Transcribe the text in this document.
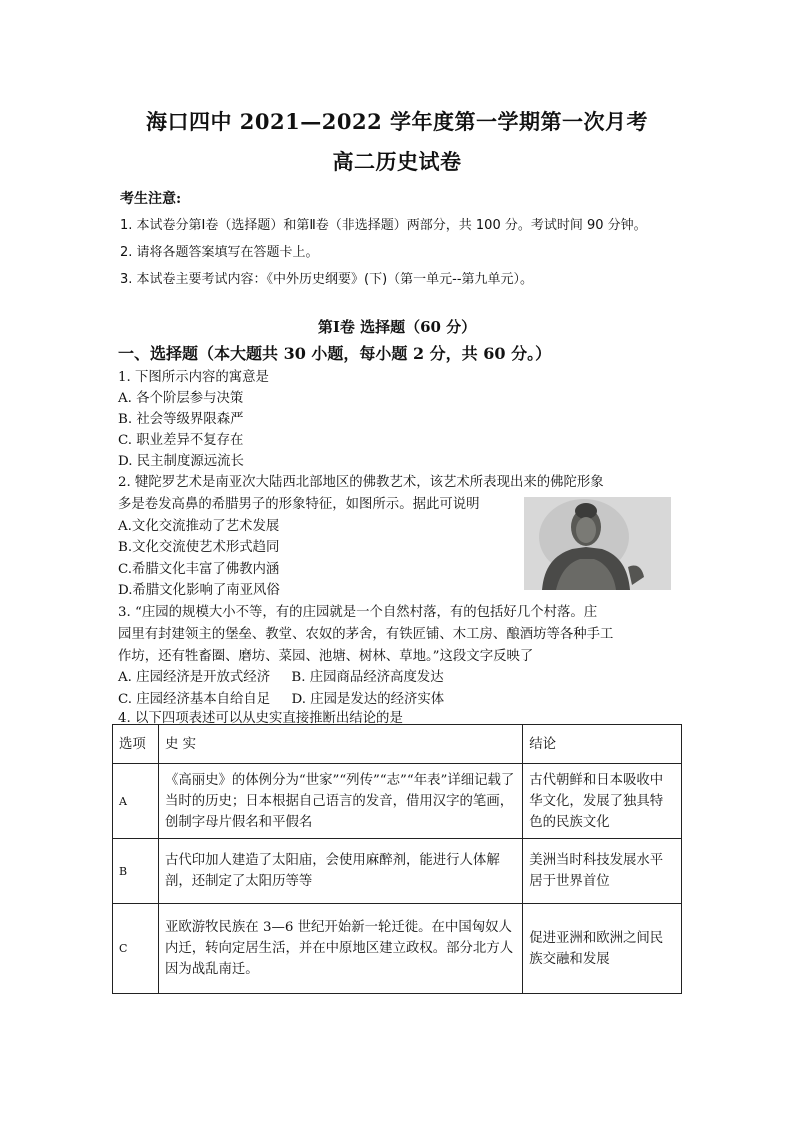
海口四中 2021—2022 学年度第一学期第一次月考
高二历史试卷
考生注意:
1. 本试卷分第Ⅰ卷（选择题）和第Ⅱ卷（非选择题）两部分，共 100 分。考试时间 90 分钟。
2. 请将各题答案填写在答题卡上。
3. 本试卷主要考试内容：《中外历史纲要》(下)（第一单元--第九单元）。
第Ⅰ卷 选择题（60 分）
一、选择题（本大题共 30 小题，每小题 2 分，共 60 分。）
1. 下图所示内容的寓意是
A. 各个阶层参与决策
B. 社会等级界限森严
C. 职业差异不复存在
D. 民主制度源远流长
2. 犍陀罗艺术是南亚次大陆西北部地区的佛教艺术，该艺术所表现出来的佛陀形象
多是卷发高鼻的希腊男子的形象特征，如图所示。据此可说明
A.文化交流推动了艺术发展
B.文化交流使艺术形式趋同
C.希腊文化丰富了佛教内涵
D.希腊文化影响了南亚风俗
3. “庄园的规模大小不等，有的庄园就是一个自然村落，有的包括好几个村落。庄
园里有封建领主的堡垒、教堂、农奴的茅舍，有铁匠铺、木工房、酿酒坊等各种手工
作坊，还有牲畜圈、磨坊、菜园、池塘、树林、草地。”这段文字反映了
A. 庄园经济是开放式经济     B. 庄园商品经济高度发达
C. 庄园经济基本自给自足     D. 庄园是发达的经济实体
4. 以下四项表述可以从史实直接推断出结论的是
选项	史 实	结论
A	《高丽史》的体例分为“世家”“列传”“志”“年表”详细记载了当时的历史；日本根据自己语言的发音，借用汉字的笔画，创制字母片假名和平假名	古代朝鲜和日本吸收中华文化，发展了独具特色的民族文化
B	古代印加人建造了太阳庙，会使用麻醉剂，能进行人体解剖，还制定了太阳历等等	美洲当时科技发展水平居于世界首位
C	亚欧游牧民族在 3—6 世纪开始新一轮迁徙。在中国匈奴人内迁，转向定居生活，并在中原地区建立政权。部分北方人因为战乱南迁。	促进亚洲和欧洲之间民族交融和发展
